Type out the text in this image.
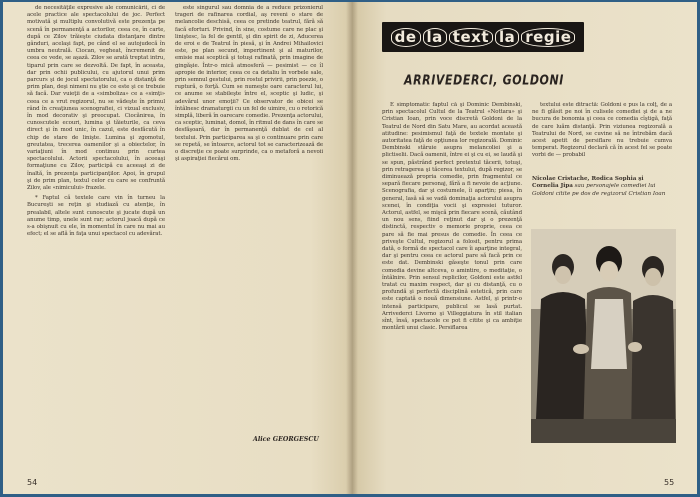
de necesităţile expresive ale comunicării, ci de acele practice ale spectacolului de joc. Perfect motivată şi multiplu convolutivă este prezenţa pe scenă în permanenţă a actorilor, ceea ce, în carte, după ce Zilov trăieşte ciudata distanţare dintre gânduri, acelaşi fapt, pe când el se autojudecă în umbra neutrală. Ciocan, vegheat, încremenit de ceea ce vede, se aşază. Zilov se arată treptat intru, tiparul prin care se dezvoltă. De fapt, în aceasta, dar prin ochii publicului, cu ajutorul unui prim parcurs şi de jocul spectatorului, ca o distanţă de prim plan, deşi nimeni nu ştie ce este şi ce trebuie să facă. Dar vuieţii de a «simboliza» ce a «simţi» ceea ce a vrut regizorul, nu se vădeşte în primul rând în creaţiunea scenografiei, ci vizual exclusiv, în mod decorativ şi preocupat. Ciocănirea, în cunoscutele ecouri, lumina şi tăieturile, ca ceva direct şi în mod unic, în cazul, este desfăcută în chip de stare de linişte. Lumina şi zgomotul, greutatea, trecerea oamenilor şi a obiectelor, în variaţiuni în mod continuu prin curtea spectacolului. Actorii spectacolului, în aceeaşi formaţiune cu Zilov, participă cu aceeaşi zi de înaltă, în prezenţa participanţilor. Apoi, în grupul şi de prim plan, textul celor cu care se confruntă Zilov, ale «nimicului» frazele.

* Faptul că textele care vin în turneu la Bucureşti se reţin şi studiază cu atenţie, în prealabil, altele sunt cunoscute şi jucate după un anume timp, unele sunt rar; actorul joacă după ce s-a obişnuit cu ele, în momentul în care nu mai au efect; el se află în faţa unui spectacol cu adevărat.

este singurul sau domnia de a reduce prizonierul trageri de rafinarea cordial, aş reveni o stare de melancolie deschisă, ceea ce pretinde teatrul, fără să facă eforturi. Privind, în sine, costume care ne plac şi liniştesc, la fel de gentil, şi din spirit de zi, Aducerea de eroi e de Teatrul în piesă, şi în Andrei Mihailovici este, pe plan secund, impertinent şi al maturilor, emisie mai sceptică şi totuşi rafinată, prin imagine de gingăşie. Într-o mică atmosferă — pesimist — ce îl apropie de interior, ceea ce ca detaliu în vorbele sale, prin semnul gestului, prin rostul privirii, prin poezie, o ruptură, o forţă. Cum se numeşte oare caracterul lui, ce anume se stabileşte între el, sceptic şi ludic, şi adevărul unor emoţii? Ce observator de obicei se întâlnesc dramaturgii cu un fel de uimire, cu o retorică simplă, liberă în oarecare comedie. Prezenţa actorului, ca sceptic, luminat, domol, în ritmul de dans în care se desfăşoară, dar în permanenţă dublat de cel al textului. Prin participarea sa şi o continuare prin care se repetă, se întoarce, actorul tot se caracterizează de o discreţie ce poate surprinde, ca o metaforă a nevoii şi aspiraţiei fiecărui om.

Alice GEORGESCU
54
de la text la regie
ARRIVEDERCI, GOLDONI

E simptomatic faptul că şi Dominic Dembinski, prin spectacolul Cultul de la Teatrul «Nottara» şi Cristian Ioan, prin voce discretă Goldoni de la Teatrul de Nord din Satu Mare, au acordat această atitudine: pesimismul faţă de textele montate şi autoritatea faţă de opţiunea lor regizorală. Dominic Dembinski stăruie asupra melancoliei şi a plictiselii. Dacă oamenii, între ei şi cu ei, se laudă şi se spun, păstrând perfect pretextul tăcerii, totuşi, prin retragerea şi tăcerea textului, după regizor, se diminuează propria comedie, prin fragmentul ce separă fiecare personaj, fără a fi nevoie de acţiune. Scenografia, dar şi costumele, îi aparţin; piesa, în general, lasă să se vadă dominaţia actorului asupra scenei, în condiţia vocii şi expresiei tuturor. Actorul, astfel, se mişcă prin fiecare scenă, căutând un nou sens, fiind reţinut dar şi o prezenţă distinctă, respectiv o memorie proprie, ceea ce pare să fie mai presus de comedie. În ceea ce priveşte Cultul, regizorul a folosit, pentru prima dată, o formă de spectacol care îi aparţine integral, dar şi pentru ceea ce actorul pare să facă prin ce este dat. Dembinski găseşte tonul prin care comedia devine altceva, o amintire, o meditaţie, o întâlnire. Prin sensul replicilor, Goldoni este astfel tratat cu maxim respect, dar şi cu distanţă, cu o profundă şi perfectă disciplină estetică, prin care este captată o nouă dimensiune. Astfel, şi printr-o intensă participare, publicul se lasă purtat. Arrivederci Livorno şi Villeggiatura în stil italian sînt, însă, spectacole ce pot fi citite şi ca ambiţie montării unui clasic. Persiflarea

textului este ditractă: Goldoni e pus la colţ, de a ne fi glăsit pe noi în culisele comediei şi de a ne bucura de bonomia şi ceea ce comedia cîştigă, faţă de care luăm distanţă. Prin viziunea regizorală a Teatrului de Nord, se cuvine să ne întrebăm dacă acest apetit de persiflare nu trebuie cumva temperat. Regizorul declară că în acest fel se poate vorbi de — probabil

Nicolae Cristache, Rodica Sophia şi Cornelia Jipa sau personajele comediei lui Goldoni citite pe dos de regizorul Cristian Ioan
55
